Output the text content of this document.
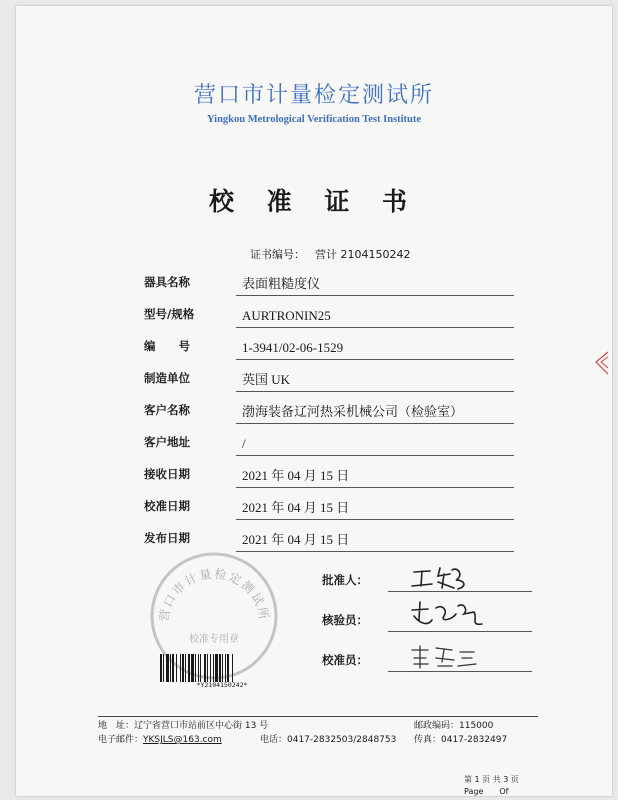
营口市计量检定测试所
Yingkou Metrological Verification Test Institute
校 准 证 书
证书编号： 营计 2104150242
器具名称	表面粗糙度仪
型号/规格	AURTRONIN25
编　　号	1-3941/02-06-1529
制造单位	英国 UK
客户名称	渤海装备辽河热采机械公司（检验室）
客户地址	/
接收日期	2021 年 04 月 15 日
校准日期	2021 年 04 月 15 日
发布日期	2021 年 04 月 15 日
营口市计量检定测试所
校准专用章
*Y2104150242*
批准人：
核验员：
校准员：
地　址：辽宁省营口市站前区中心街 13 号	邮政编码：115000
电子邮件：YKSJLS@163.com	电话：0417-2832503/2848753 传真：0417-2832497
第 1 页 共 3 页
Page　　Of
